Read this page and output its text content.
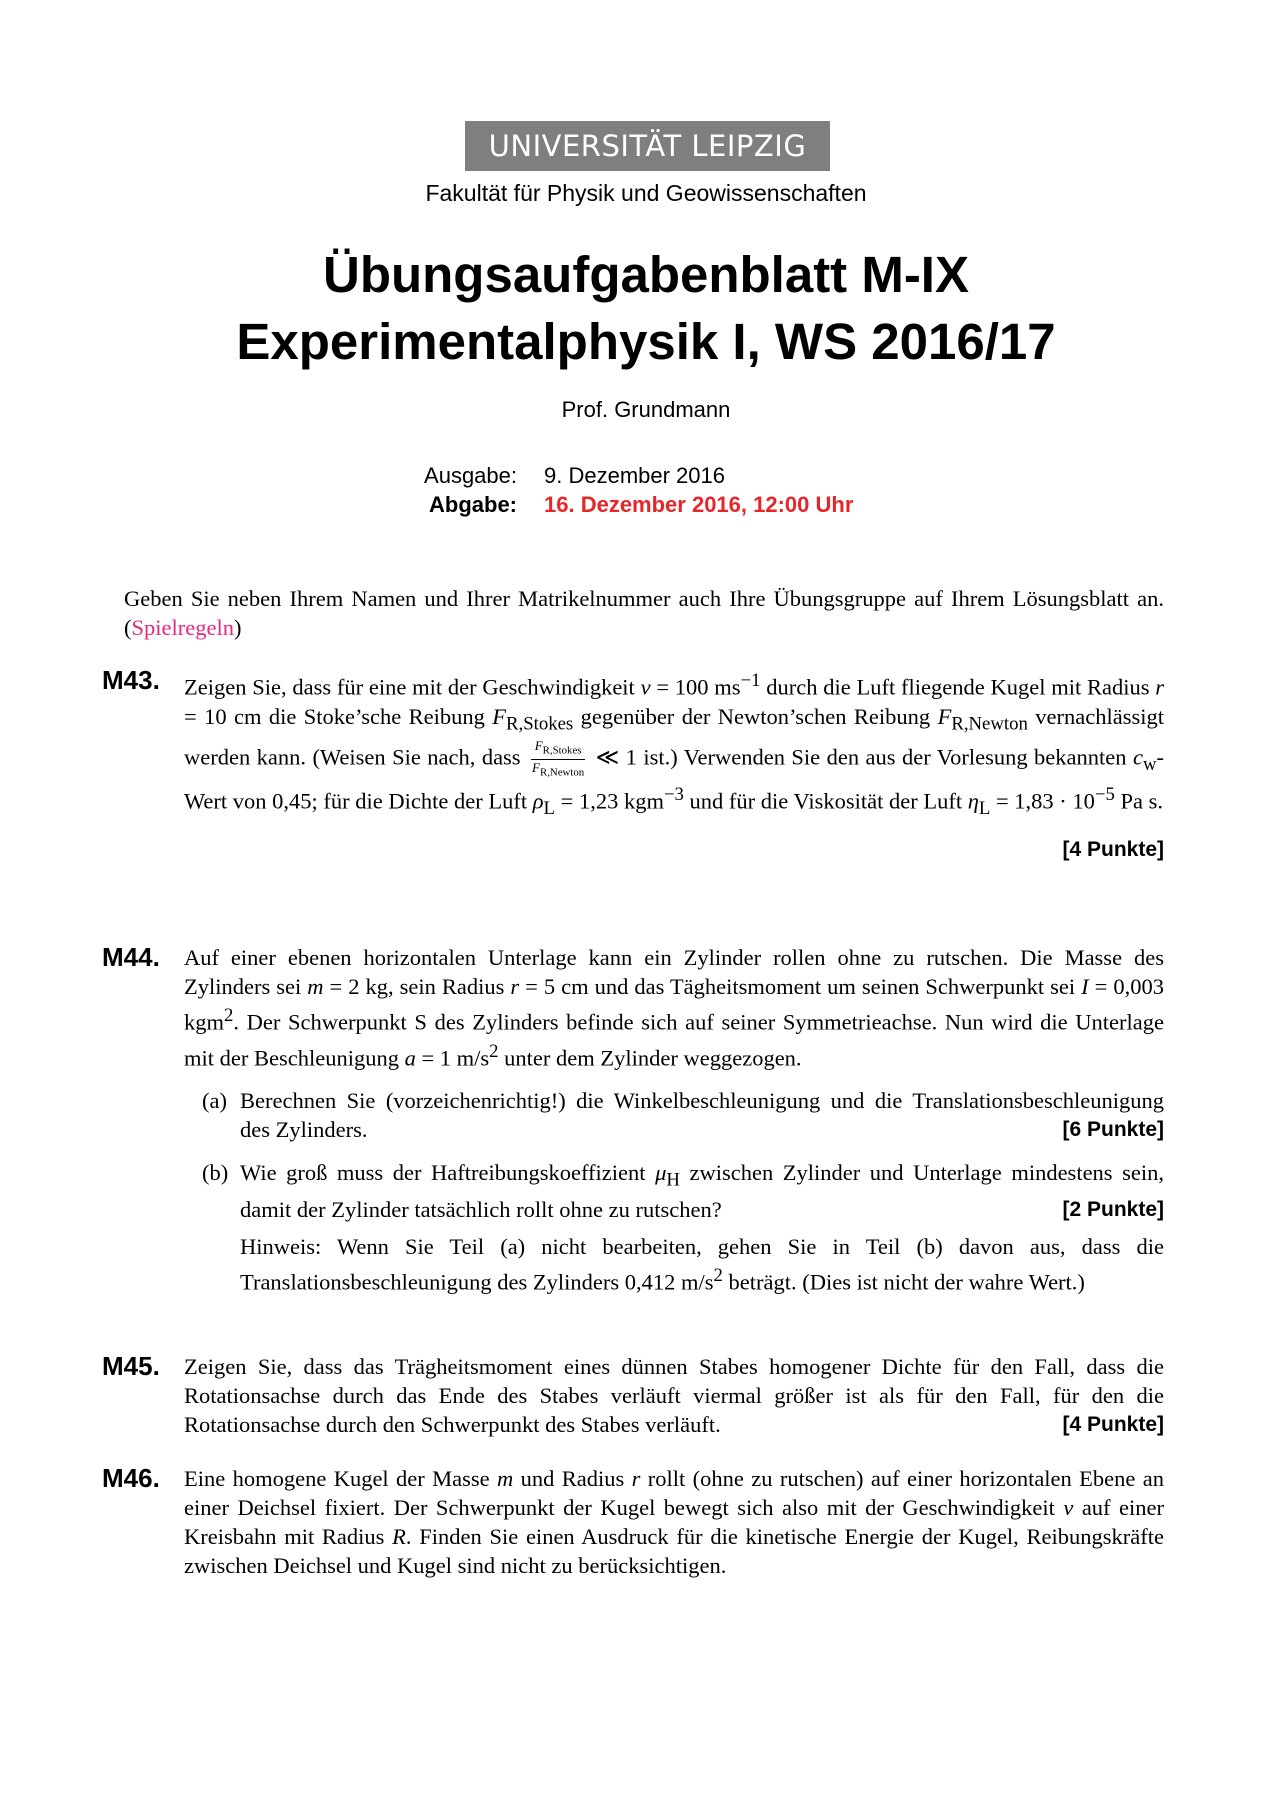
UNIVERSITÄT LEIPZIG
Fakultät für Physik und Geowissenschaften
Übungsaufgabenblatt M-IX
Experimentalphysik I, WS 2016/17
Prof. Grundmann
Ausgabe: 9. Dezember 2016
Abgabe: 16. Dezember 2016, 12:00 Uhr
Geben Sie neben Ihrem Namen und Ihrer Matrikelnummer auch Ihre Übungsgruppe auf Ihrem Lösungsblatt an. (Spielregeln)
M43. Zeigen Sie, dass für eine mit der Geschwindigkeit v = 100 $ms^{-1}$ durch die Luft fliegende Kugel mit Radius r = 10 cm die Stoke’sche Reibung $F_{R,Stokes}$ gegenüber der Newton’schen Reibung $F_{R,Newton}$ vernachlässigt werden kann. (Weisen Sie nach, dass $\frac{F_{R,Stokes}}{F_{R,Newton}}$ ≪ 1 ist.) Verwenden Sie den aus der Vorlesung bekannten $c_w$-Wert von 0,45; für die Dichte der Luft $\rho_L = 1,23$ kgm$^{-3}$ und für die Viskosität der Luft $\eta_L = 1,83 \cdot 10^{-5}$ Pa s.
[4 Punkte]
M44. Auf einer ebenen horizontalen Unterlage kann ein Zylinder rollen ohne zu rutschen. Die Masse des Zylinders sei m = 2 kg, sein Radius r = 5 cm und das Tägheitsmoment um seinen Schwerpunkt sei I = 0,003 kgm$^2$. Der Schwerpunkt S des Zylinders befinde sich auf seiner Symmetrieachse. Nun wird die Unterlage mit der Beschleunigung a = 1 $m/s^2$ unter dem Zylinder weggezogen.
(a) Berechnen Sie (vorzeichenrichtig!) die Winkelbeschleunigung und die Translationsbeschleunigung des Zylinders.	[6 Punkte]
(b) Wie groß muss der Haftreibungskoeffizient $\mu_H$ zwischen Zylinder und Unterlage mindestens sein, damit der Zylinder tatsächlich rollt ohne zu rutschen?	[2 Punkte]
Hinweis: Wenn Sie Teil (a) nicht bearbeiten, gehen Sie in Teil (b) davon aus, dass die Translationsbeschleunigung des Zylinders 0,412 $m/s^2$ beträgt. (Dies ist nicht der wahre Wert.)
M45. Zeigen Sie, dass das Trägheitsmoment eines dünnen Stabes homogener Dichte für den Fall, dass die Rotationsachse durch das Ende des Stabes verläuft viermal größer ist als für den Fall, für den die Rotationsachse durch den Schwerpunkt des Stabes verläuft.	[4 Punkte]
M46. Eine homogene Kugel der Masse m und Radius r rollt (ohne zu rutschen) auf einer horizontalen Ebene an einer Deichsel fixiert. Der Schwerpunkt der Kugel bewegt sich also mit der Geschwindigkeit v auf einer Kreisbahn mit Radius R. Finden Sie einen Ausdruck für die kinetische Energie der Kugel, Reibungskräfte zwischen Deichsel und Kugel sind nicht zu berücksichtigen.
